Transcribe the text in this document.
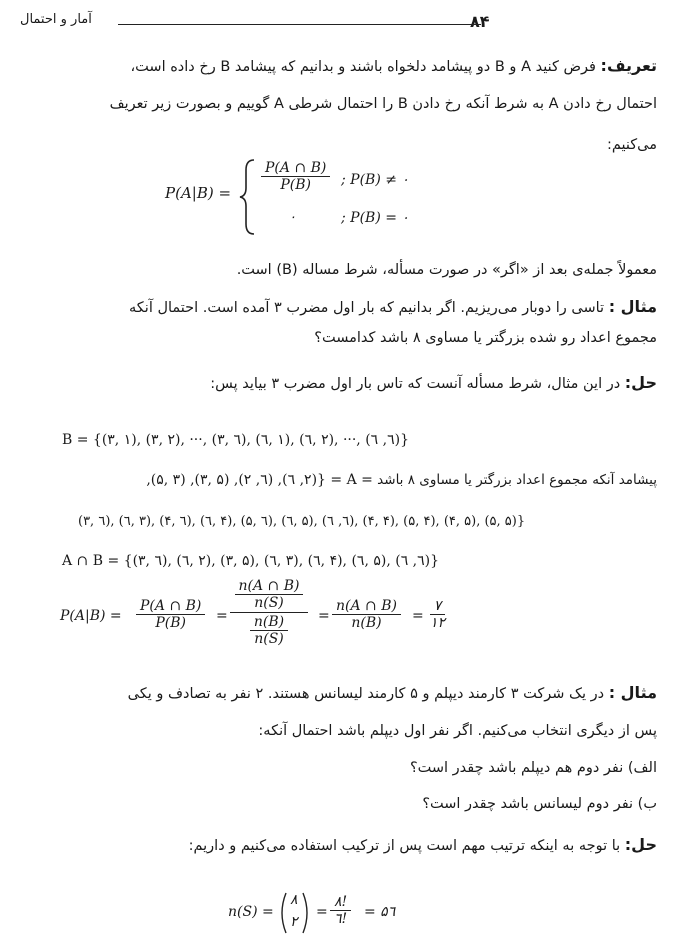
۸۴
آمار و احتمال
تعریف: فرض کنید A و B دو پیشامد دلخواه باشند و بدانیم که پیشامد B رخ داده است،
احتمال رخ دادن A به شرط آنکه رخ دادن B را احتمال شرطی A گوییم و بصورت زیر تعریف
می‌کنیم:
$P(A|B) = \frac{P(A \cap B)}{P(B)}$ ; P(B) ≠ ۰
۰	; P(B) = ۰
معمولاً جمله‌ی بعد از «اگر» در صورت مسأله، شرط مساله (B) است.
مثال : تاسی را دوبار می‌ریزیم. اگر بدانیم که بار اول مضرب ۳ آمده است. احتمال آنکه
مجموع اعداد رو شده بزرگتر یا مساوی ۸ باشد کدامست؟
حل: در این مثال، شرط مسأله آنست که تاس بار اول مضرب ۳ بیاید پس:
B = {(۳, ۱), (۳, ۲), ···, (۳, ٦), (٦, ۱), (٦, ۲), ···, (٦, ٦)}
پیشامد آنکه مجموع اعداد بزرگتر یا مساوی ۸ باشد = A = {(۲, ٦), (٦, ۲), (۳, ۵), (۵, ۳),
(۳, ٦), (٦, ۳), (۴, ٦), (٦, ۴), (۵, ٦), (٦, ۵), (٦, ٦), (۴, ۴), (۵, ۴), (۴, ۵), (۵, ۵)}
A ∩ B = {(۳, ٦), (٦, ۲), (۳, ۵), (٦, ۳), (٦, ۴), (٦, ۵), (٦, ٦)}
$P(A|B) = \frac{P(A \cap B)}{P(B)}$ =
$\frac{n(A \cap B)}{n(S)}$
$\frac{n(B)}{n(S)} = \frac{n(A \cap B)}{n(B)}$ =
۷
۱۲
مثال : در یک شرکت ۳ کارمند دیپلم و ۵ کارمند لیسانس هستند. ۲ نفر به تصادف و یکی
پس از دیگری انتخاب می‌کنیم. اگر نفر اول دیپلم باشد احتمال آنکه:
الف) نفر دوم هم دیپلم باشد چقدر است؟
ب) نفر دوم لیسانس باشد چقدر است؟
حل: با توجه به اینکه ترتیب مهم است پس از ترکیب استفاده می‌کنیم و داریم:
n(S) =
۸
۲
=
۸!
٦! = ۵٦
